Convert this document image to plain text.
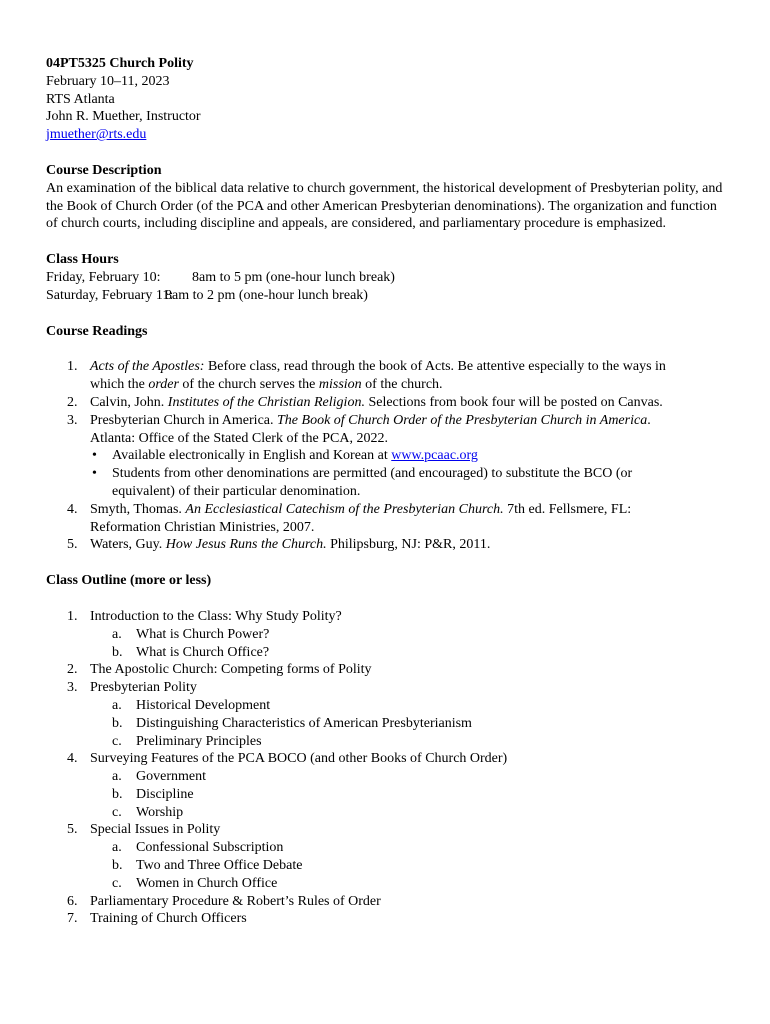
04PT5325 Church Polity
February 10–11, 2023
RTS Atlanta
John R. Muether, Instructor
jmuether@rts.edu
Course Description
An examination of the biblical data relative to church government, the historical development of Presbyterian polity, and the Book of Church Order (of the PCA and other American Presbyterian denominations). The organization and function of church courts, including discipline and appeals, are considered, and parliamentary procedure is emphasized.
Class Hours
Friday, February 10:	8am to 5 pm (one-hour lunch break)
Saturday, February 11:
8am to 2 pm (one-hour lunch break)
Course Readings
1. Acts of the Apostles: Before class, read through the book of Acts. Be attentive especially to the ways in
which the order of the church serves the mission of the church.
2. Calvin, John. Institutes of the Christian Religion. Selections from book four will be posted on Canvas.
3. Presbyterian Church in America. The Book of Church Order of the Presbyterian Church in America.
Atlanta: Office of the Stated Clerk of the PCA, 2022.
• Available electronically in English and Korean at www.pcaac.org
• Students from other denominations are permitted (and encouraged) to substitute the BCO (or
equivalent) of their particular denomination.
4. Smyth, Thomas. An Ecclesiastical Catechism of the Presbyterian Church. 7th ed. Fellsmere, FL:
Reformation Christian Ministries, 2007.
5. Waters, Guy. How Jesus Runs the Church. Philipsburg, NJ: P&R, 2011.
Class Outline (more or less)
1. Introduction to the Class: Why Study Polity?
a. What is Church Power?
b. What is Church Office?
2. The Apostolic Church: Competing forms of Polity
3. Presbyterian Polity
a. Historical Development
b. Distinguishing Characteristics of American Presbyterianism
c. Preliminary Principles
4. Surveying Features of the PCA BOCO (and other Books of Church Order)
a. Government
b. Discipline
c. Worship
5. Special Issues in Polity
a. Confessional Subscription
b. Two and Three Office Debate
c. Women in Church Office
6. Parliamentary Procedure & Robert’s Rules of Order
7. Training of Church Officers
